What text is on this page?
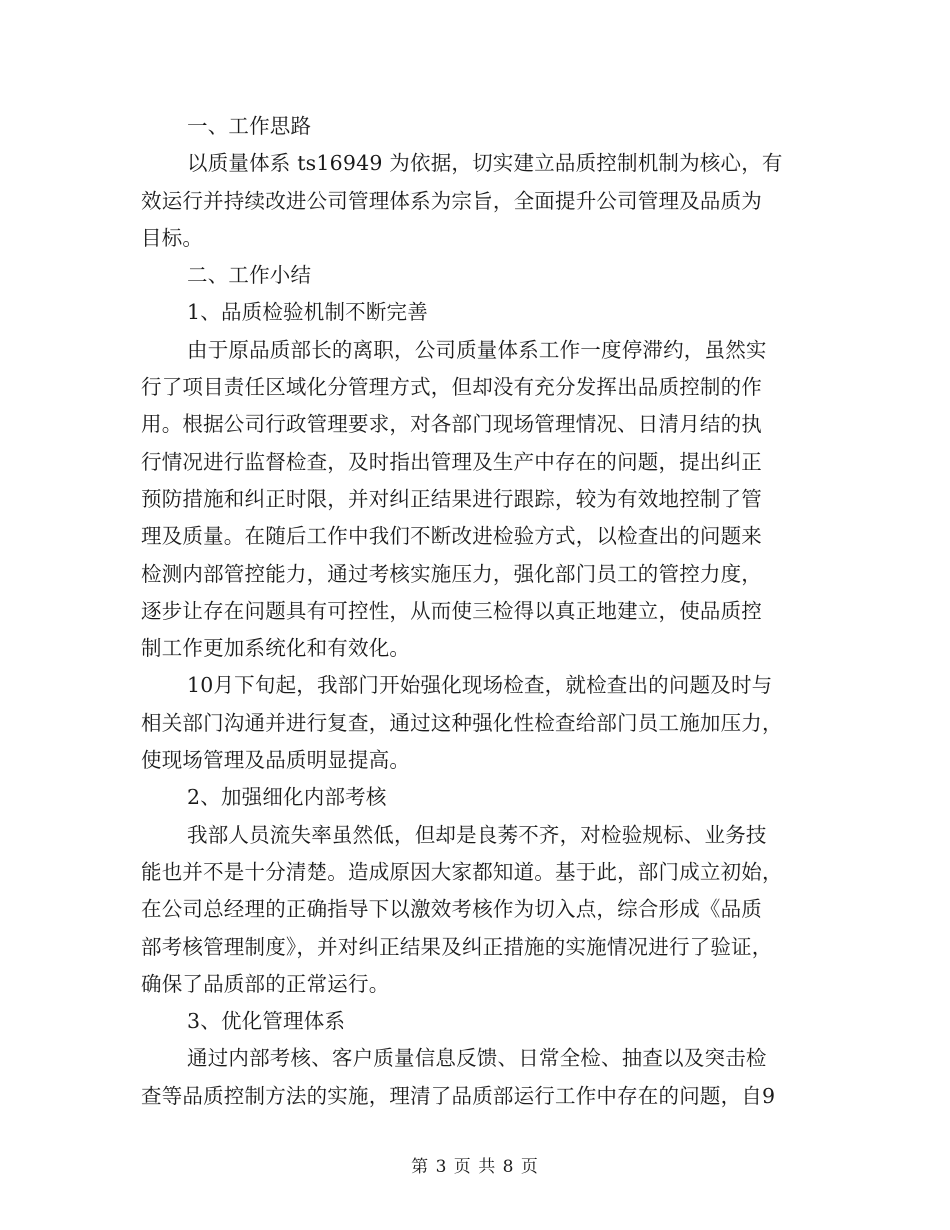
一、工作思路
以质量体系 ts16949 为依据，切实建立品质控制机制为核心，有
效运行并持续改进公司管理体系为宗旨，全面提升公司管理及品质为
目标。
二、工作小结
1、品质检验机制不断完善
由于原品质部长的离职，公司质量体系工作一度停滞约，虽然实
行了项目责任区域化分管理方式，但却没有充分发挥出品质控制的作
用。根据公司行政管理要求，对各部门现场管理情况、日清月结的执
行情况进行监督检查，及时指出管理及生产中存在的问题，提出纠正
预防措施和纠正时限，并对纠正结果进行跟踪，较为有效地控制了管
理及质量。在随后工作中我们不断改进检验方式，以检查出的问题来
检测内部管控能力，通过考核实施压力，强化部门员工的管控力度，
逐步让存在问题具有可控性，从而使三检得以真正地建立，使品质控
制工作更加系统化和有效化。
10月下旬起，我部门开始强化现场检查，就检查出的问题及时与
相关部门沟通并进行复查，通过这种强化性检查给部门员工施加压力，
使现场管理及品质明显提高。
2、加强细化内部考核
我部人员流失率虽然低，但却是良莠不齐，对检验规标、业务技
能也并不是十分清楚。造成原因大家都知道。基于此，部门成立初始，
在公司总经理的正确指导下以激效考核作为切入点，综合形成《品质
部考核管理制度》，并对纠正结果及纠正措施的实施情况进行了验证，
确保了品质部的正常运行。
3、优化管理体系
通过内部考核、客户质量信息反馈、日常全检、抽查以及突击检
查等品质控制方法的实施，理清了品质部运行工作中存在的问题，自9
第 3 页 共 8 页
